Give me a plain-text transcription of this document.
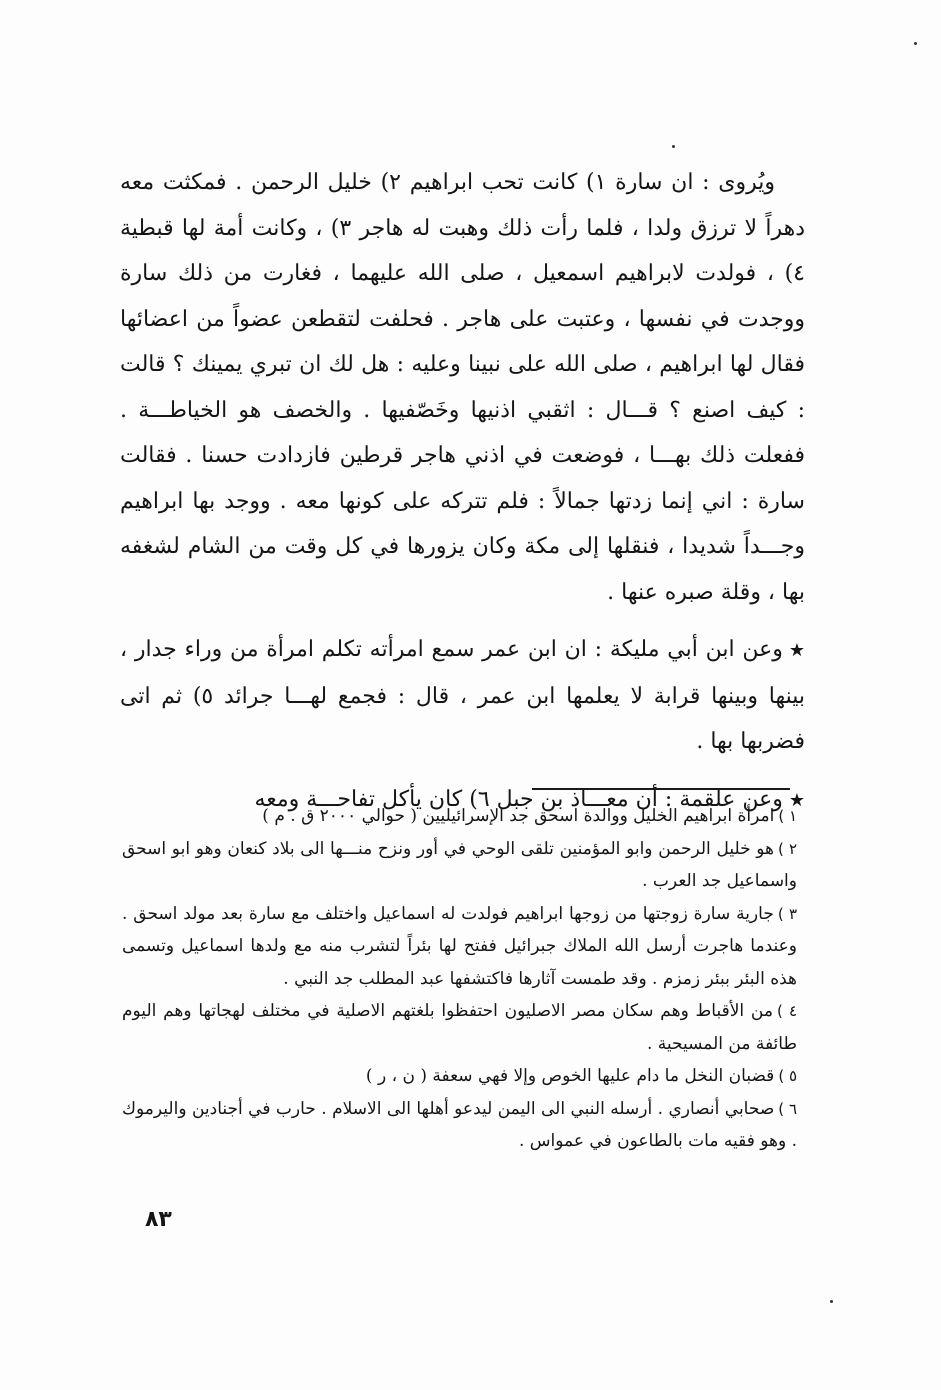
ويُروى : ان سارة ١) كانت تحب ابراهيم ٢) خليل الرحمن . فمكثت معه دهراً لا ترزق ولدا ، فلما رأت ذلك وهبت له هاجر ٣) ، وكانت أمة لها قبطية ٤) ، فولدت لابراهيم اسمعيل ، صلى الله عليهما ، فغارت من ذلك سارة ووجدت في نفسها ، وعتبت على هاجر . فحلفت لتقطعن عضواً من اعضائها فقال لها ابراهيم ، صلى الله على نبينا وعليه : هل لك ان تبري يمينك ؟ قالت : كيف اصنع ؟ قـــال : اثقبي اذنيها وخَصّفيها . والخصف هو الخياطـــة . ففعلت ذلك بهـــا ، فوضعت في اذني هاجر قرطين فازدادت حسنا . فقالت سارة : اني إنما زدتها جمالاً : فلم تتركه على كونها معه . ووجد بها ابراهيم وجـــداً شديدا ، فنقلها إلى مكة وكان يزورها في كل وقت من الشام لشغفه بها ، وقلة صبره عنها .

★وعن ابن أبي مليكة : ان ابن عمر سمع امرأته تكلم امرأة من وراء جدار ، بينها وبينها قرابة لا يعلمها ابن عمر ، قال : فجمع لهـــا جرائد ٥) ثم اتى فضربها بها .

★وعن علقمة : أن معـــاذ بن جبل ٦) كان يأكل تفاحـــة ومعه

١ )امرأة ابراهيم الخليل ووالدة اسحق جد الإسرائيليين ( حوالي ٢٠٠٠ ق . م )

٢ )هو خليل الرحمن وابو المؤمنين تلقى الوحي في أور ونزح منـــها الى بلاد كنعان وهو ابو اسحق واسماعيل جد العرب .

٣ )جارية سارة زوجتها من زوجها ابراهيم فولدت له اسماعيل واختلف مع سارة بعد مولد اسحق . وعندما هاجرت أرسل الله الملاك جبرائيل ففتح لها بئراً لتشرب منه مع ولدها اسماعيل وتسمى هذه البئر ببئر زمزم . وقد طمست آثارها فاكتشفها عبد المطلب جد النبي .

٤ )من الأقباط وهم سكان مصر الاصليون احتفظوا بلغتهم الاصلية في مختلف لهجاتها وهم اليوم طائفة من المسيحية .

٥ )قضبان النخل ما دام عليها الخوص وإلا فهي سعفة ( ن ، ر )

٦ )صحابي أنصاري . أرسله النبي الى اليمن ليدعو أهلها الى الاسلام . حارب في أجنادين واليرموك . وهو فقيه مات بالطاعون في عمواس .

٨٣
